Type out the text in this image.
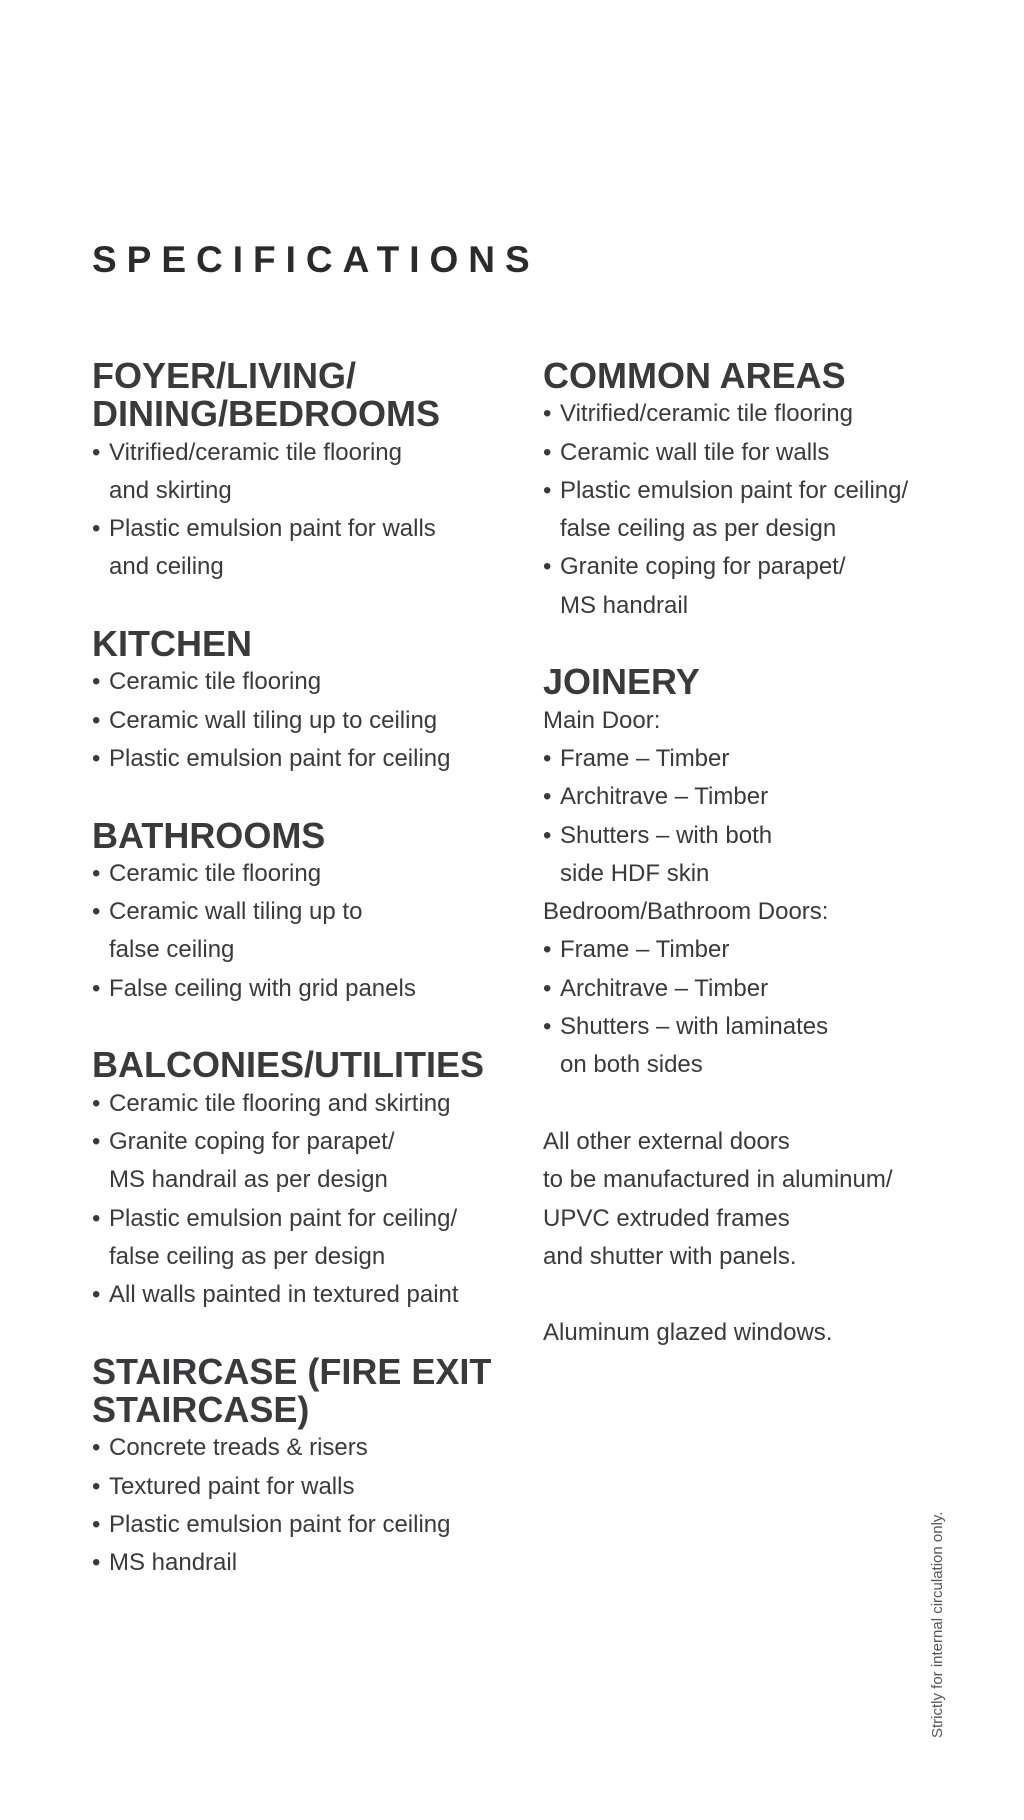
SPECIFICATIONS
FOYER/LIVING/
DINING/BEDROOMS
• Vitrified/ceramic tile flooring
and skirting
• Plastic emulsion paint for walls
and ceiling
KITCHEN
• Ceramic tile flooring
• Ceramic wall tiling up to ceiling
• Plastic emulsion paint for ceiling
BATHROOMS
• Ceramic tile flooring
• Ceramic wall tiling up to
false ceiling
• False ceiling with grid panels
BALCONIES/UTILITIES
• Ceramic tile flooring and skirting
• Granite coping for parapet/
MS handrail as per design
• Plastic emulsion paint for ceiling/
false ceiling as per design
• All walls painted in textured paint
STAIRCASE (FIRE EXIT STAIRCASE)
• Concrete treads & risers
• Textured paint for walls
• Plastic emulsion paint for ceiling
• MS handrail
COMMON AREAS
• Vitrified/ceramic tile flooring
• Ceramic wall tile for walls
• Plastic emulsion paint for ceiling/
false ceiling as per design
• Granite coping for parapet/
MS handrail
JOINERY
Main Door:
• Frame – Timber
• Architrave – Timber
• Shutters – with both
side HDF skin
Bedroom/Bathroom Doors:
• Frame – Timber
• Architrave – Timber
• Shutters – with laminates
on both sides
All other external doors
to be manufactured in aluminum/
UPVC extruded frames
and shutter with panels.
Aluminum glazed windows.
Strictly for internal circulation only.
